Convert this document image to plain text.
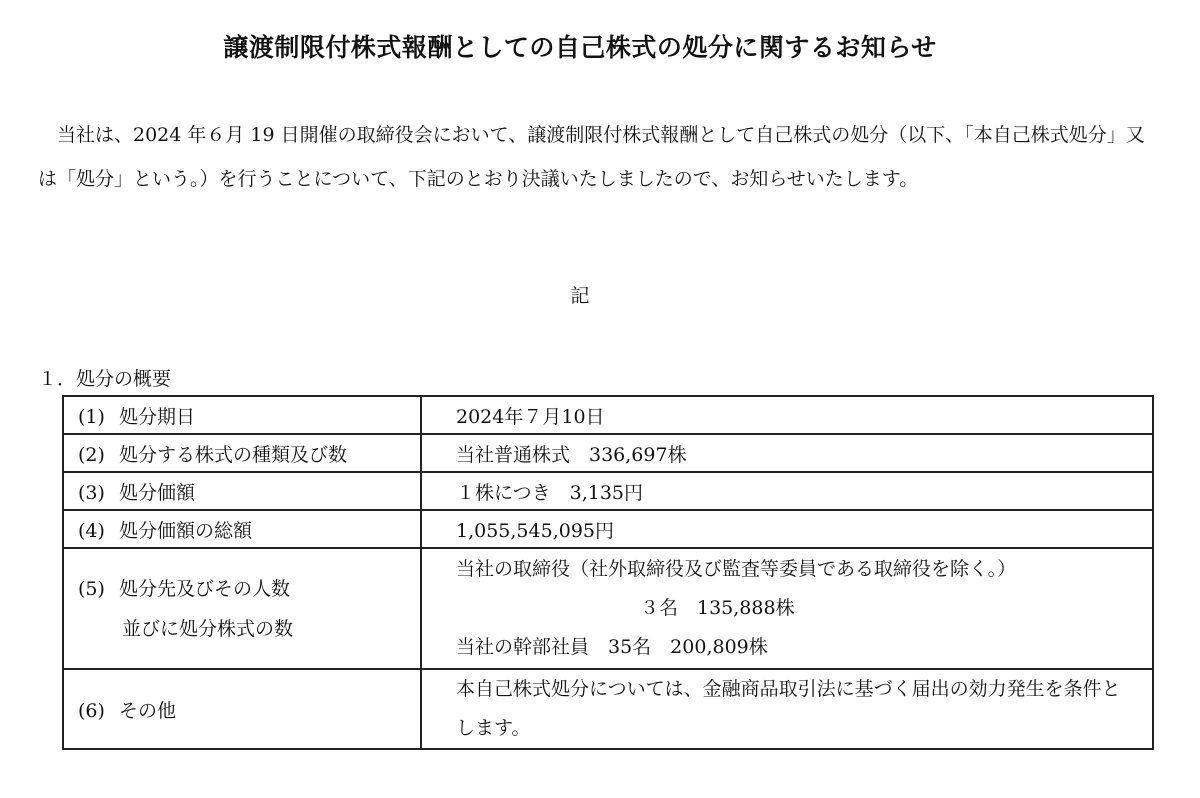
譲渡制限付株式報酬としての自己株式の処分に関するお知らせ

　当社は、2024 年６月 19 日開催の取締役会において、譲渡制限付株式報酬として自己株式の処分（以下、「本自己株式処分」又は「処分」という。）を行うことについて、下記のとおり決議いたしましたので、お知らせいたします。

記
１．処分の概要
(1) 処分期日	2024年７月10日
(2) 処分する株式の種類及び数	当社普通株式　336,697株
(3) 処分価額	１株につき　3,135円
(4) 処分価額の総額	1,055,545,095円

(5) 処分先及びその人数
並びに処分株式の数	当社の取締役（社外取締役及び監査等委員である取締役を除く。）
３名　135,888株
当社の幹部社員　35名　200,809株

(6) その他	本自己株式処分については、金融商品取引法に基づく届出の効力発生を条件とします。
